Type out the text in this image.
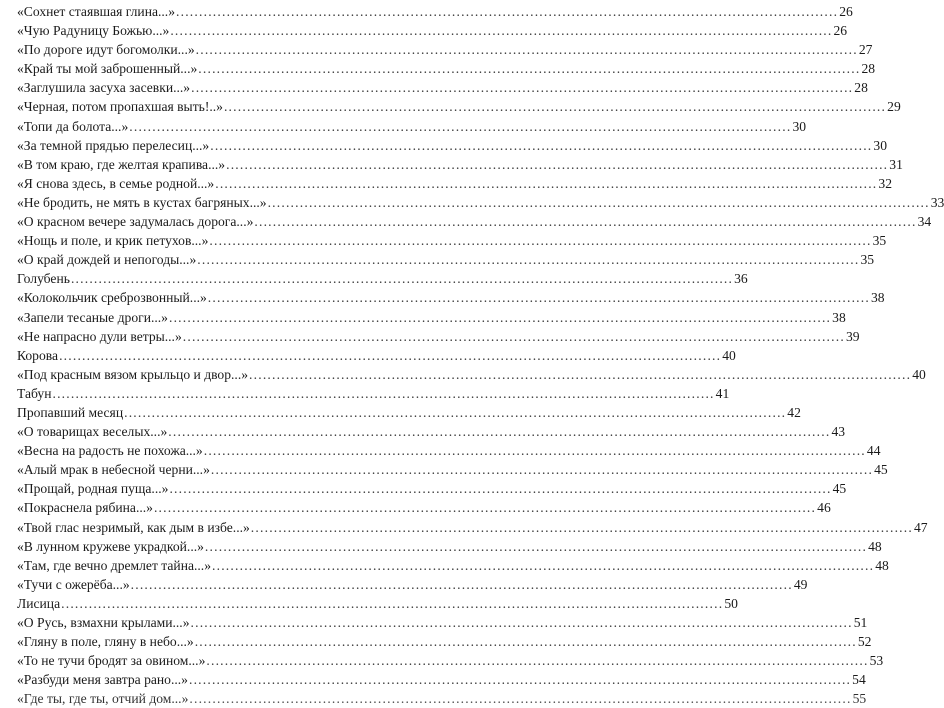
«Сохнет стаявшая глина...» .....	26
«Чую Радуницу Божью...» .....	26
«По дороге идут богомолки...» .....	27
«Край ты мой заброшенный...» .....	28
«Заглушила засуха засевки...» .....	28
«Черная, потом пропахшая выть!..» .....	29
«Топи да болота...» .....	30
«За темной прядью перелесиц...» .....	30
«В том краю, где желтая крапива...» .....	31
«Я снова здесь, в семье родной...» .....	32
«Не бродить, не мять в кустах багряных...» .....	33
«О красном вечере задумалась дорога...» .....	34
«Нощь и поле, и крик петухов...» .....	35
«О край дождей и непогоды...» .....	35
Голубень .....	36
«Колокольчик среброзвонный...» .....	38
«Запели тесаные дроги...» .....	38
«Не напрасно дули ветры...» .....	39
Корова .....	40
«Под красным вязом крыльцо и двор...» .....	40
Табун .....	41
Пропавший месяц .....	42
«О товарищах веселых...» .....	43
«Весна на радость не похожа...» .....	44
«Алый мрак в небесной черни...» .....	45
«Прощай, родная пуща...» .....	45
«Покраснела рябина...» .....	46
«Твой глас незримый, как дым в избе...» .....	47
«В лунном кружеве украдкой...» .....	48
«Там, где вечно дремлет тайна...» .....	48
«Тучи с ожерёба...» .....	49
Лисица .....	50
«О Русь, взмахни крылами...» .....	51
«Гляну в поле, гляну в небо...» .....	52
«То не тучи бродят за овином...» .....	53
«Разбуди меня завтра рано...» .....	54
«Где ты, где ты, отчий дом...» .....	55
